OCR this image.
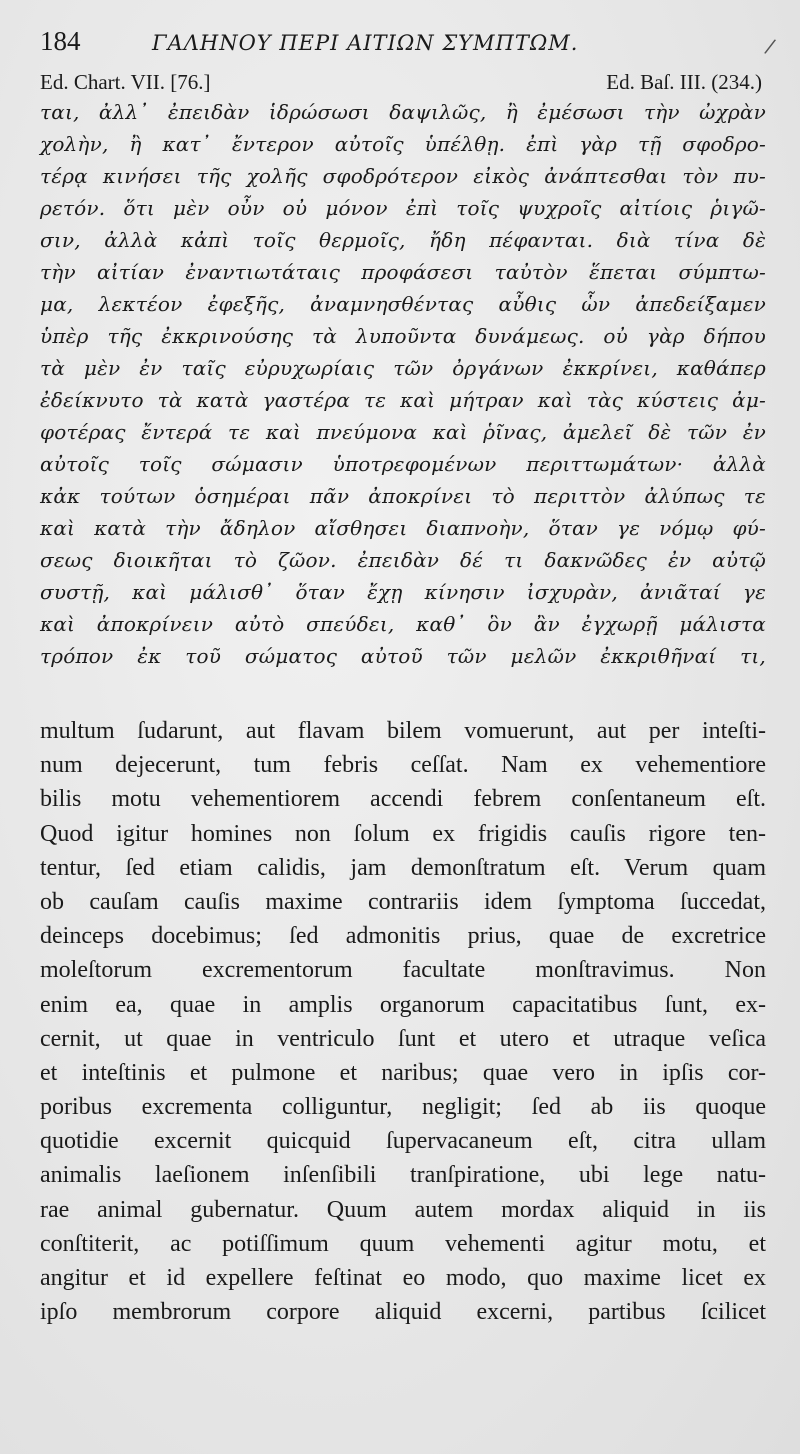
/
184	ΓΑΛΗΝΟΥ ΠΕΡΙ ΑΙΤΙΩΝ ΣΥΜΠΤΩΜ.
Ed. Chart. VII. [76.]	Ed. Baſ. III. (234.)
ται, ἀλλ᾽ ἐπειδὰν ἱδρώσωσι δαψιλῶς, ἢ ἐμέσωσι τὴν ὠχρὰν
χολὴν, ἢ κατ᾽ ἔντερον αὐτοῖς ὑπέλθῃ. ἐπὶ γὰρ τῇ σφοδρο-
τέρᾳ κινήσει τῆς χολῆς σφοδρότερον εἰκὸς ἀνάπτεσθαι τὸν πυ-
ρετόν. ὅτι μὲν οὖν οὐ μόνον ἐπὶ τοῖς ψυχροῖς αἰτίοις ῥιγῶ-
σιν, ἀλλὰ κἀπὶ τοῖς θερμοῖς, ἤδη πέφανται. διὰ τίνα δὲ
τὴν αἰτίαν ἐναντιωτάταις προφάσεσι ταὐτὸν ἕπεται σύμπτω-
μα, λεκτέον ἐφεξῆς, ἀναμνησθέντας αὖθις ὧν ἀπεδείξαμεν
ὑπὲρ τῆς ἐκκρινούσης τὰ λυποῦντα δυνάμεως. οὐ γὰρ δήπου
τὰ μὲν ἐν ταῖς εὐρυχωρίαις τῶν ὀργάνων ἐκκρίνει, καθάπερ
ἐδείκνυτο τὰ κατὰ γαστέρα τε καὶ μήτραν καὶ τὰς κύστεις ἀμ-
φοτέρας ἔντερά τε καὶ πνεύμονα καὶ ῥῖνας, ἀμελεῖ δὲ τῶν ἐν
αὐτοῖς τοῖς σώμασιν ὑποτρεφομένων περιττωμάτων· ἀλλὰ
κἀκ τούτων ὁσημέραι πᾶν ἀποκρίνει τὸ περιττὸν ἀλύπως τε
καὶ κατὰ τὴν ἄδηλον αἴσθησει διαπνοὴν, ὅταν γε νόμῳ φύ-
σεως διοικῆται τὸ ζῶον. ἐπειδὰν δέ τι δακνῶδες ἐν αὐτῷ
συστῇ, καὶ μάλισθ᾽ ὅταν ἔχῃ κίνησιν ἰσχυρὰν, ἀνιᾶταί γε
καὶ ἀποκρίνειν αὐτὸ σπεύδει, καθ᾽ ὃν ἂν ἐγχωρῇ μάλιστα
τρόπον ἐκ τοῦ σώματος αὐτοῦ τῶν μελῶν ἐκκριθῆναί τι,
multum ſudarunt, aut flavam bilem vomuerunt, aut per inteſti-
num dejecerunt, tum febris ceſſat. Nam ex vehementiore
bilis motu vehementiorem accendi febrem conſentaneum eſt.
Quod igitur homines non ſolum ex frigidis cauſis rigore ten-
tentur, ſed etiam calidis, jam demonſtratum eſt. Verum quam
ob cauſam cauſis maxime contrariis idem ſymptoma ſuccedat,
deinceps docebimus; ſed admonitis prius, quae de excretrice
moleſtorum excrementorum facultate monſtravimus. Non
enim ea, quae in amplis organorum capacitatibus ſunt, ex-
cernit, ut quae in ventriculo ſunt et utero et utraque veſica
et inteſtinis et pulmone et naribus; quae vero in ipſis cor-
poribus excrementa colliguntur, negligit; ſed ab iis quoque
quotidie excernit quicquid ſupervacaneum eſt, citra ullam
animalis laeſionem inſenſibili tranſpiratione, ubi lege natu-
rae animal gubernatur. Quum autem mordax aliquid in iis
conſtiterit, ac potiſſimum quum vehementi agitur motu, et
angitur et id expellere feſtinat eo modo, quo maxime licet ex
ipſo membrorum corpore aliquid excerni, partibus ſcilicet
